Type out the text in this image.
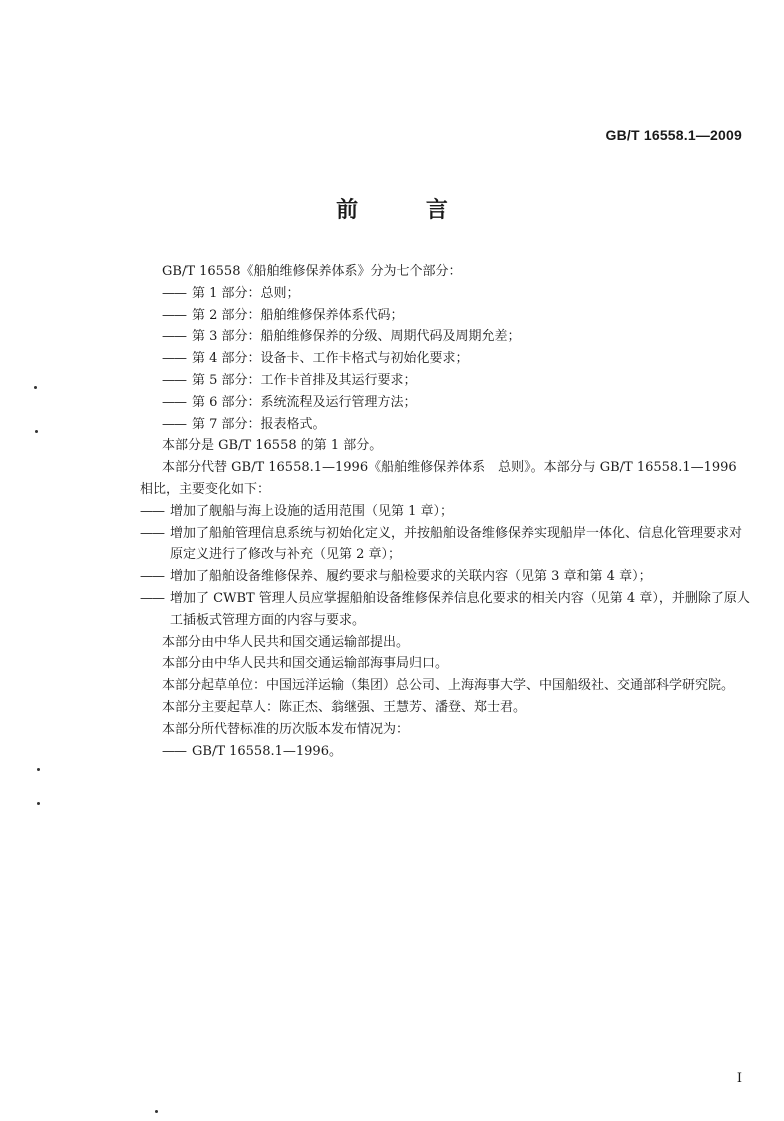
GB/T 16558.1—2009
前 言

GB/T 16558《船舶维修保养体系》分为七个部分：

—— 第 1 部分：总则；
—— 第 2 部分：船舶维修保养体系代码；
—— 第 3 部分：船舶维修保养的分级、周期代码及周期允差；
—— 第 4 部分：设备卡、工作卡格式与初始化要求；
—— 第 5 部分：工作卡首排及其运行要求；
—— 第 6 部分：系统流程及运行管理方法；
—— 第 7 部分：报表格式。

本部分是 GB/T 16558 的第 1 部分。

本部分代替 GB/T 16558.1—1996《船舶维修保养体系　总则》。本部分与 GB/T 16558.1—1996

相比，主要变化如下：

—— 增加了舰船与海上设施的适用范围（见第 1 章）；
—— 增加了船舶管理信息系统与初始化定义，并按船舶设备维修保养实现船岸一体化、信息化管理要求对原定义进行了修改与补充（见第 2 章）；
—— 增加了船舶设备维修保养、履约要求与船检要求的关联内容（见第 3 章和第 4 章）；
—— 增加了 CWBT 管理人员应掌握船舶设备维修保养信息化要求的相关内容（见第 4 章），并删除了原人工插板式管理方面的内容与要求。

本部分由中华人民共和国交通运输部提出。

本部分由中华人民共和国交通运输部海事局归口。

本部分起草单位：中国远洋运输（集团）总公司、上海海事大学、中国船级社、交通部科学研究院。

本部分主要起草人：陈正杰、翁继强、王慧芳、潘登、郑士君。

本部分所代替标准的历次版本发布情况为：

—— GB/T 16558.1—1996。
I
